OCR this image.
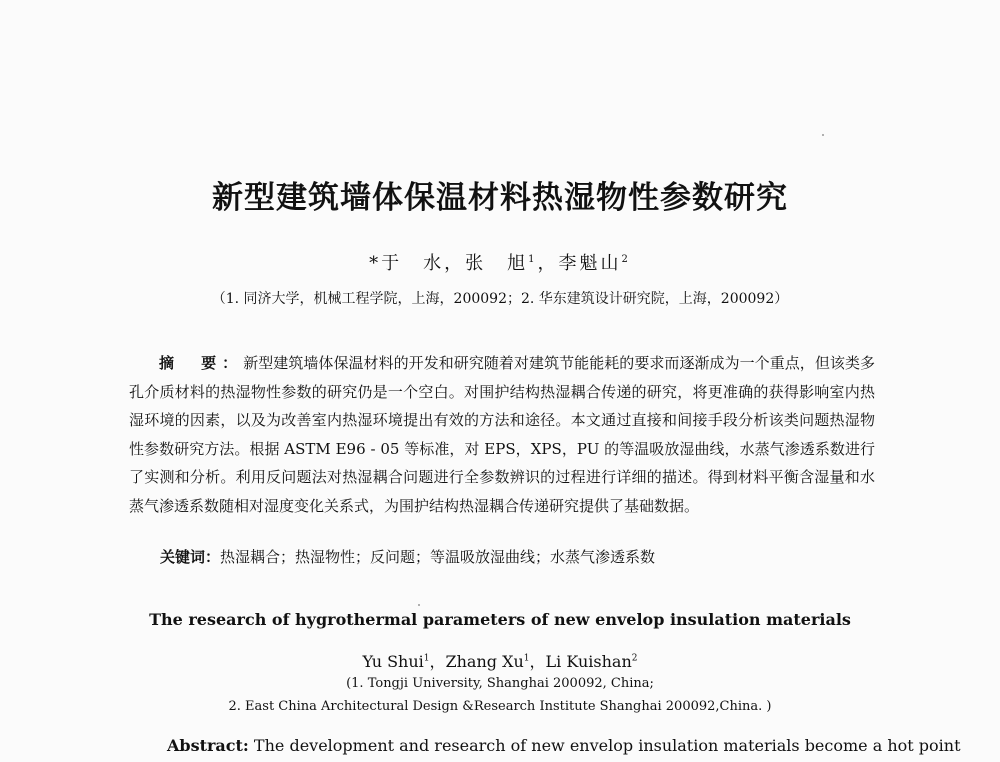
新型建筑墙体保温材料热湿物性参数研究
*于　水，张　旭$^1$，李魁山$^2$
（1. 同济大学，机械工程学院，上海，200092；2. 华东建筑设计研究院，上海，200092）
摘　要：新型建筑墙体保温材料的开发和研究随着对建筑节能能耗的要求而逐渐成为一个重点，但该类多孔介质材料的热湿物性参数的研究仍是一个空白。对围护结构热湿耦合传递的研究，将更准确的获得影响室内热湿环境的因素，以及为改善室内热湿环境提出有效的方法和途径。本文通过直接和间接手段分析该类问题热湿物性参数研究方法。根据 ASTM E96 - 05 等标准，对 EPS，XPS，PU 的等温吸放湿曲线，水蒸气渗透系数进行了实测和分析。利用反问题法对热湿耦合问题进行全参数辨识的过程进行详细的描述。得到材料平衡含湿量和水蒸气渗透系数随相对湿度变化关系式，为围护结构热湿耦合传递研究提供了基础数据。
关键词：热湿耦合；热湿物性；反问题；等温吸放湿曲线；水蒸气渗透系数
The research of hygrothermal parameters of new envelop insulation materials
Yu Shui$^1$，Zhang Xu$^1$，Li Kuishan$^2$
(1. Tongji University, Shanghai 200092, China;
2. East China Architectural Design &Research Institute Shanghai 200092,China. )
Abstract: The development and research of new envelop insulation materials become a hot point
